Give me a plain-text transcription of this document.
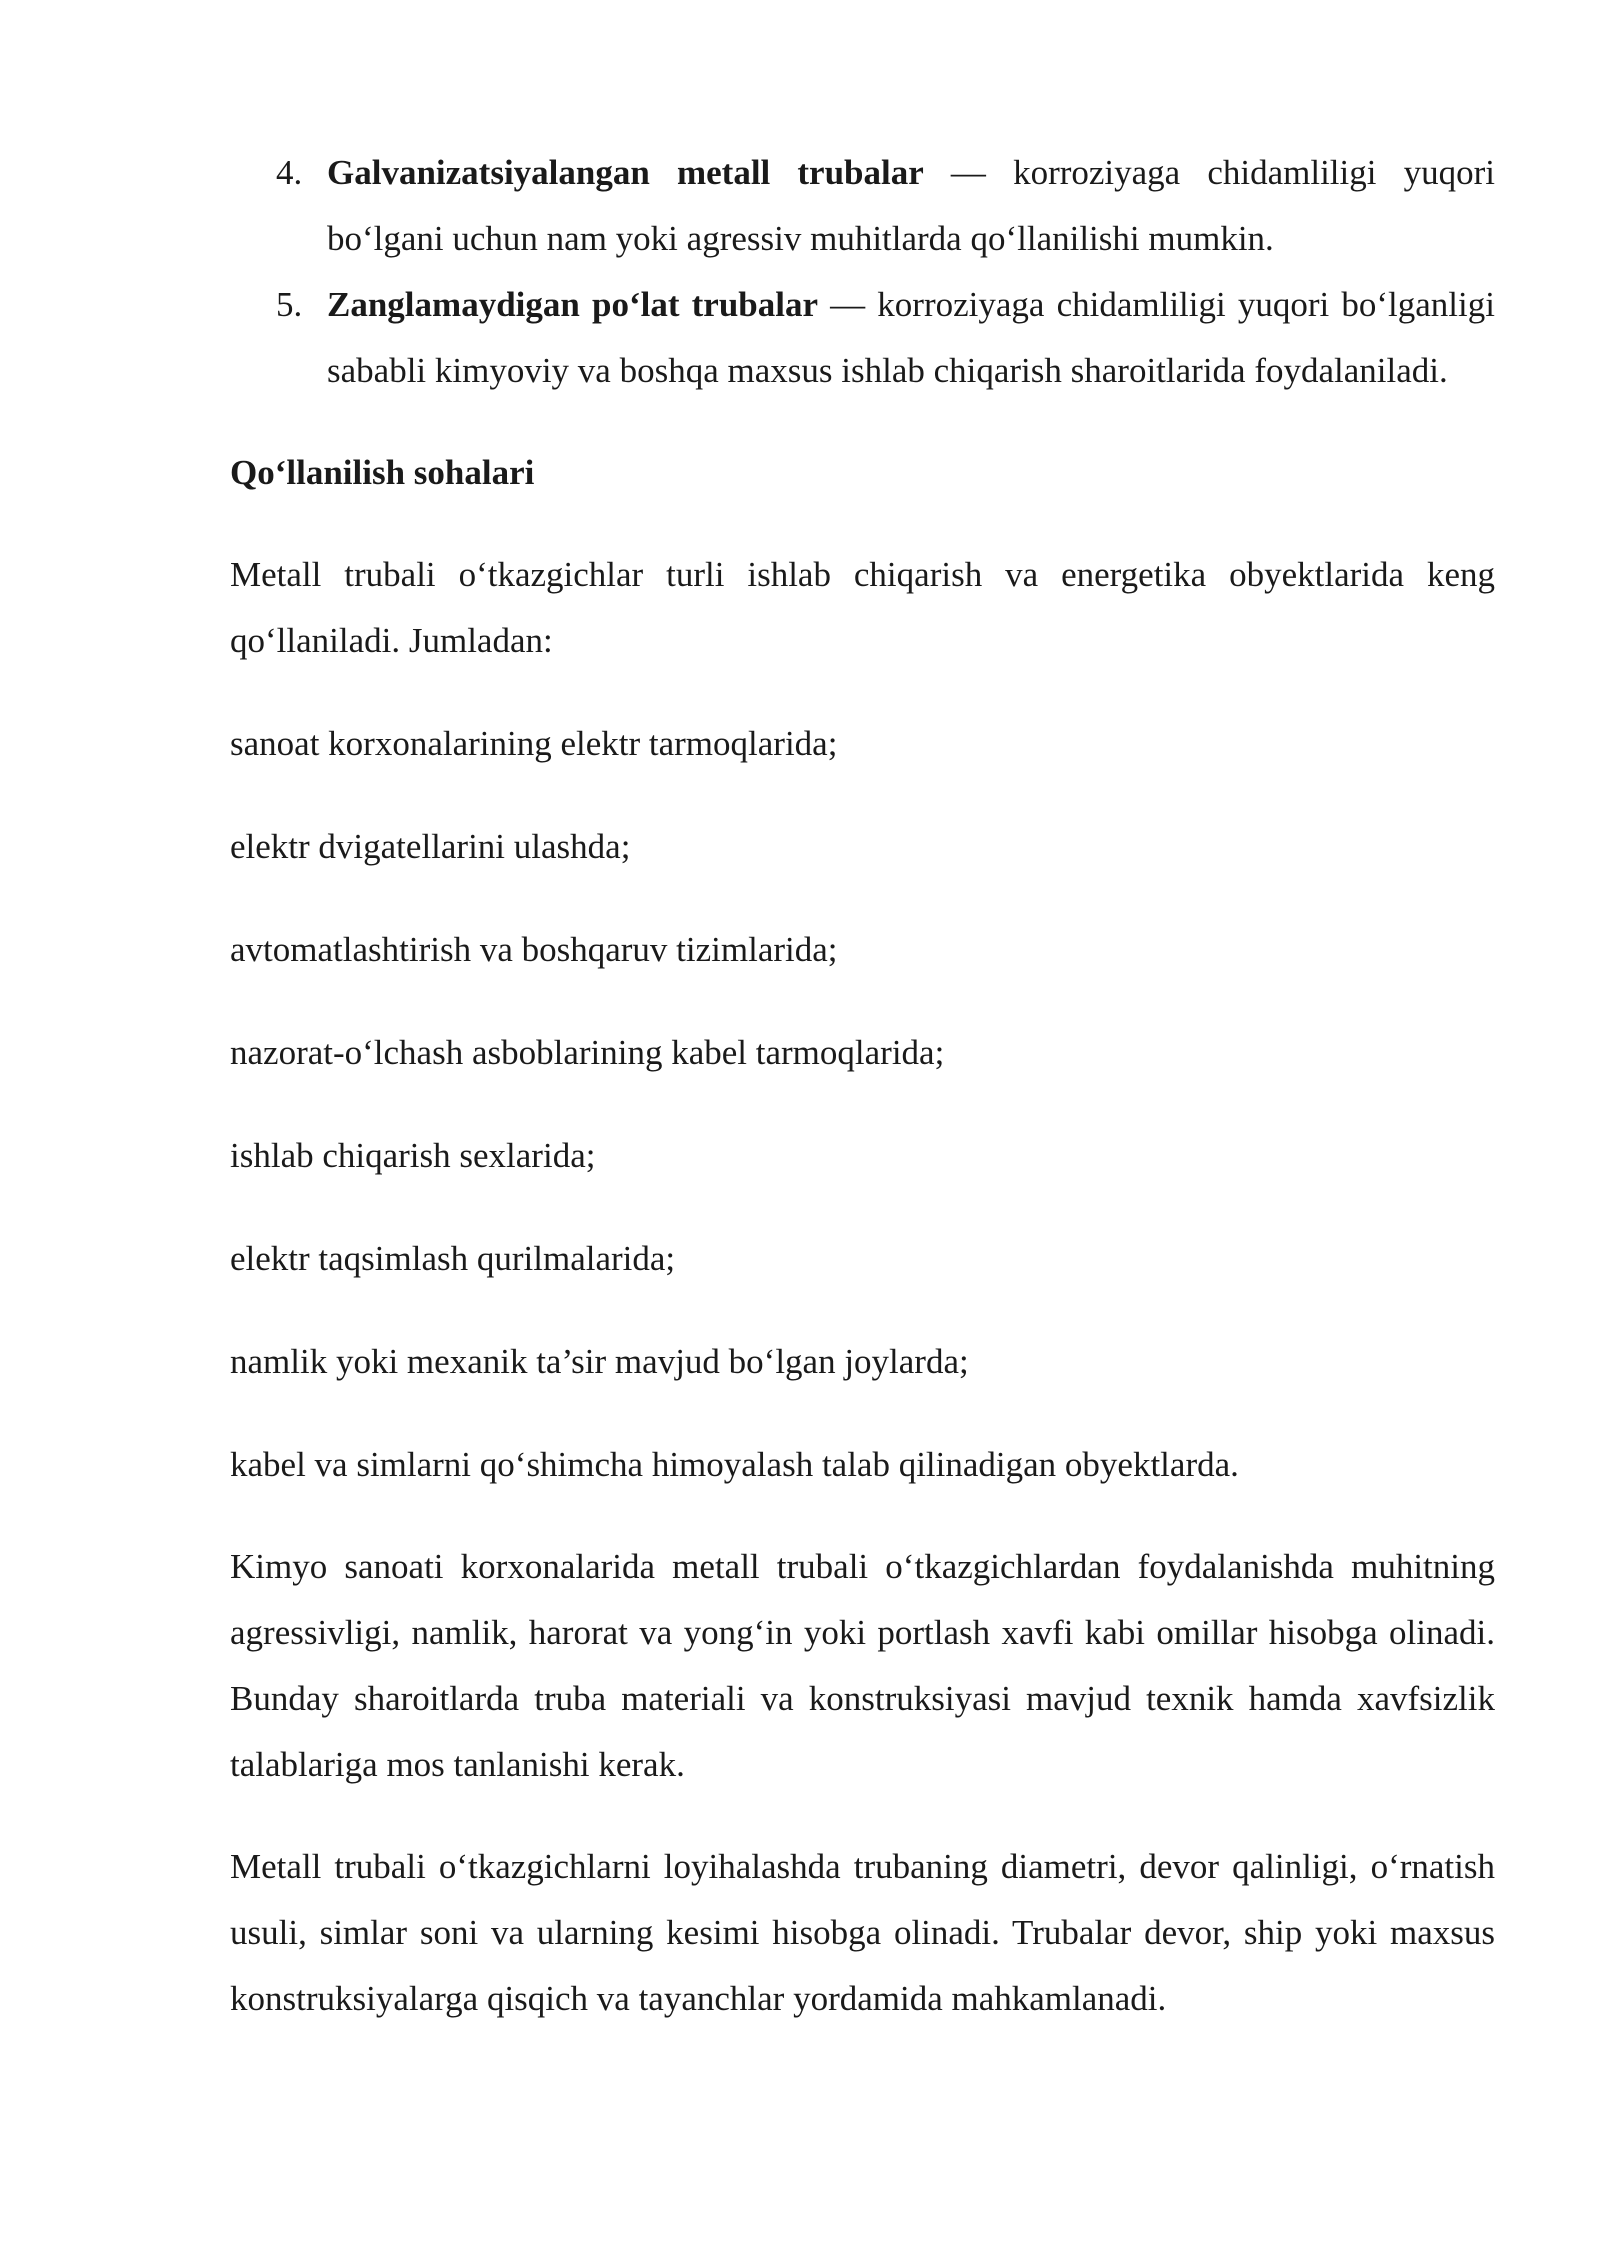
4. Galvanizatsiyalangan metall trubalar — korroziyaga chidamliligi yuqori bo‘lgani uchun nam yoki agressiv muhitlarda qo‘llanilishi mumkin.
5. Zanglamaydigan po‘lat trubalar — korroziyaga chidamliligi yuqori bo‘lganligi sababli kimyoviy va boshqa maxsus ishlab chiqarish sharoitlarida foydalaniladi.
Qo‘llanilish sohalari
Metall trubali o‘tkazgichlar turli ishlab chiqarish va energetika obyektlarida keng qo‘llaniladi. Jumladan:
sanoat korxonalarining elektr tarmoqlarida;
elektr dvigatellarini ulashda;
avtomatlashtirish va boshqaruv tizimlarida;
nazorat-o‘lchash asboblarining kabel tarmoqlarida;
ishlab chiqarish sexlarida;
elektr taqsimlash qurilmalarida;
namlik yoki mexanik ta’sir mavjud bo‘lgan joylarda;
kabel va simlarni qo‘shimcha himoyalash talab qilinadigan obyektlarda.
Kimyo sanoati korxonalarida metall trubali o‘tkazgichlardan foydalanishda muhitning agressivligi, namlik, harorat va yong‘in yoki portlash xavfi kabi omillar hisobga olinadi. Bunday sharoitlarda truba materiali va konstruksiyasi mavjud texnik hamda xavfsizlik talablariga mos tanlanishi kerak.
Metall trubali o‘tkazgichlarni loyihalashda trubaning diametri, devor qalinligi, o‘rnatish usuli, simlar soni va ularning kesimi hisobga olinadi. Trubalar devor, ship yoki maxsus konstruksiyalarga qisqich va tayanchlar yordamida mahkamlanadi.
